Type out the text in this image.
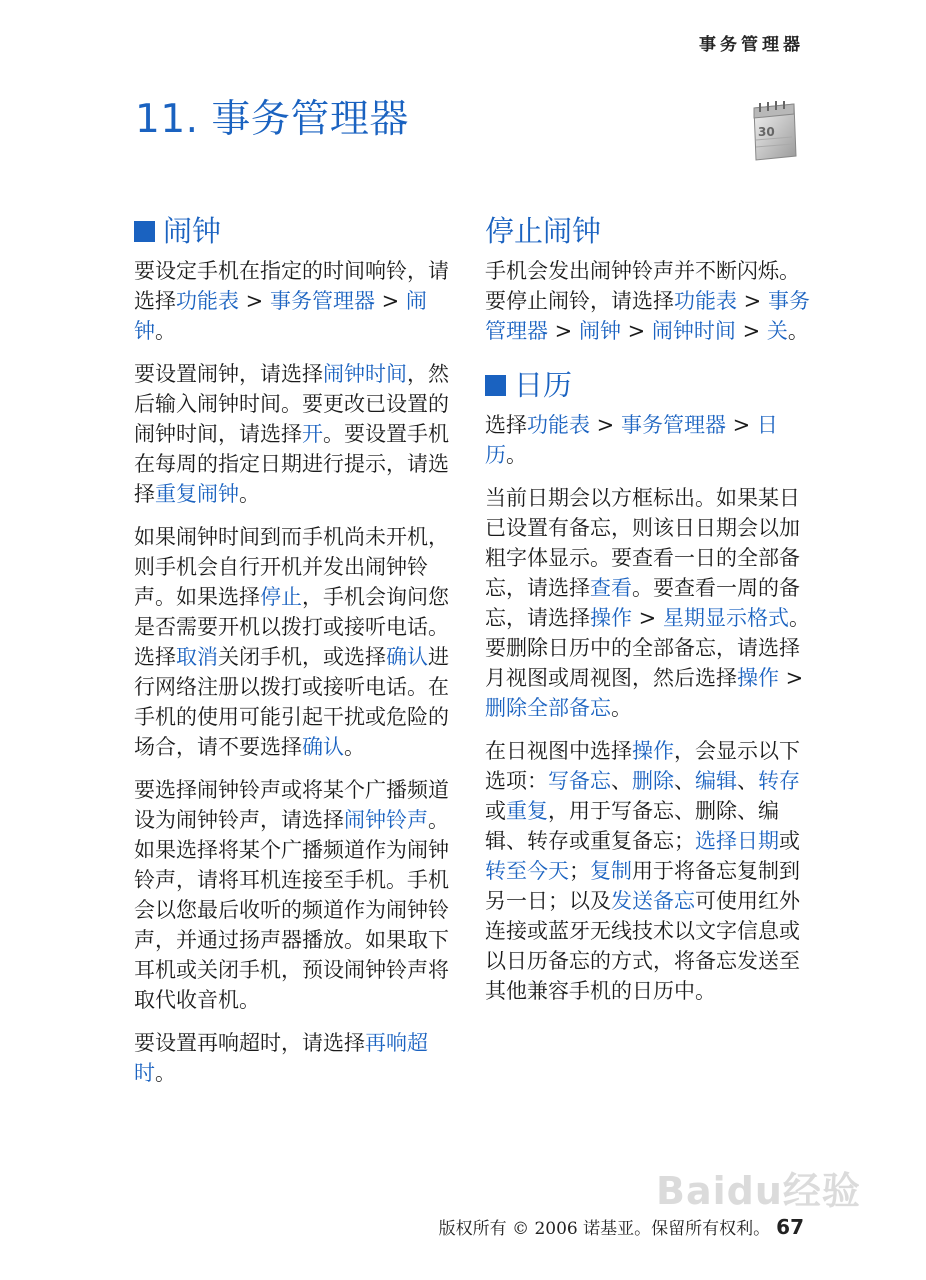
事务管理器
11. 事务管理器	30
闹钟

要设定手机在指定的时间响铃，请选择功能表 > 事务管理器 > 闹钟。

要设置闹钟，请选择闹钟时间，然后输入闹钟时间。要更改已设置的闹钟时间，请选择开。要设置手机在每周的指定日期进行提示，请选择重复闹钟。

如果闹钟时间到而手机尚未开机，则手机会自行开机并发出闹钟铃声。如果选择停止，手机会询问您是否需要开机以拨打或接听电话。选择取消关闭手机，或选择确认进行网络注册以拨打或接听电话。在手机的使用可能引起干扰或危险的场合，请不要选择确认。

要选择闹钟铃声或将某个广播频道设为闹钟铃声，请选择闹钟铃声。如果选择将某个广播频道作为闹钟铃声，请将耳机连接至手机。手机会以您最后收听的频道作为闹钟铃声，并通过扬声器播放。如果取下耳机或关闭手机，预设闹钟铃声将取代收音机。

要设置再响超时，请选择再响超时。

停止闹钟

手机会发出闹钟铃声并不断闪烁。要停止闹铃，请选择功能表 > 事务管理器 > 闹钟 > 闹钟时间 > 关。

日历

选择功能表 > 事务管理器 > 日历。

当前日期会以方框标出。如果某日已设置有备忘，则该日日期会以加粗字体显示。要查看一日的全部备忘，请选择查看。要查看一周的备忘，请选择操作 > 星期显示格式。要删除日历中的全部备忘，请选择月视图或周视图，然后选择操作 > 删除全部备忘。

在日视图中选择操作，会显示以下选项：写备忘、删除、编辑、转存或重复，用于写备忘、删除、编辑、转存或重复备忘；选择日期或转至今天；复制用于将备忘复制到另一日；以及发送备忘可使用红外连接或蓝牙无线技术以文字信息或以日历备忘的方式，将备忘发送至其他兼容手机的日历中。

Baidu经验
版权所有 © 2006 诺基亚。保留所有权利。 67
